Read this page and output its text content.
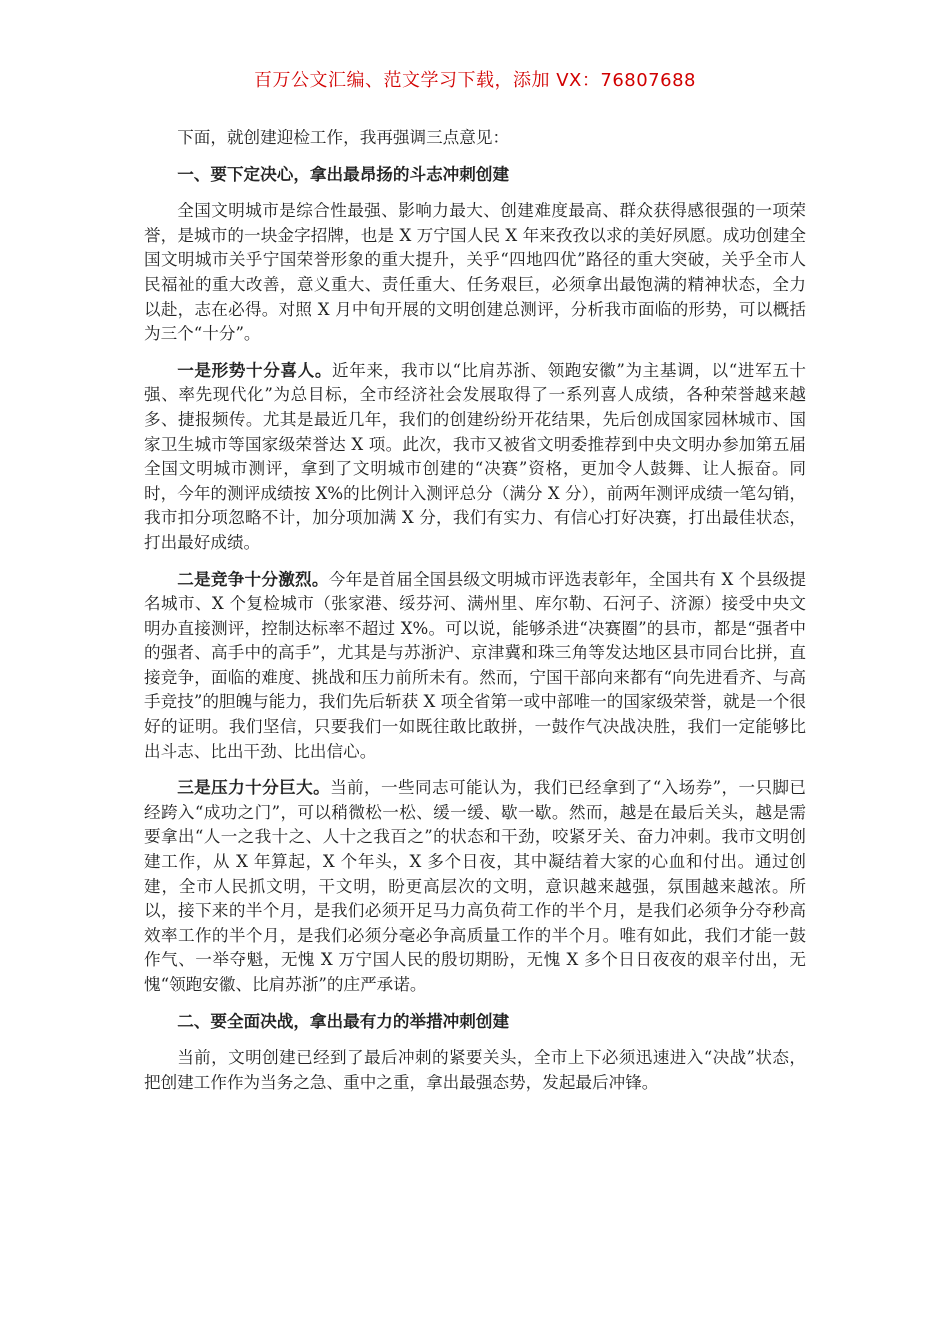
百万公文汇编、范文学习下载，添加 VX：76807688

下面，就创建迎检工作，我再强调三点意见：

一、要下定决心，拿出最昂扬的斗志冲刺创建

全国文明城市是综合性最强、影响力最大、创建难度最高、群众获得感很强的一项荣誉，是城市的一块金字招牌，也是 X 万宁国人民 X 年来孜孜以求的美好夙愿。成功创建全国文明城市关乎宁国荣誉形象的重大提升，关乎“四地四优”路径的重大突破，关乎全市人民福祉的重大改善，意义重大、责任重大、任务艰巨，必须拿出最饱满的精神状态，全力以赴，志在必得。对照 X 月中旬开展的文明创建总测评，分析我市面临的形势，可以概括为三个“十分”。

一是形势十分喜人。近年来，我市以“比肩苏浙、领跑安徽”为主基调，以“进军五十强、率先现代化”为总目标，全市经济社会发展取得了一系列喜人成绩，各种荣誉越来越多、捷报频传。尤其是最近几年，我们的创建纷纷开花结果，先后创成国家园林城市、国家卫生城市等国家级荣誉达 X 项。此次，我市又被省文明委推荐到中央文明办参加第五届全国文明城市测评，拿到了文明城市创建的“决赛”资格，更加令人鼓舞、让人振奋。同时，今年的测评成绩按 X%的比例计入测评总分（满分 X 分），前两年测评成绩一笔勾销，我市扣分项忽略不计，加分项加满 X 分，我们有实力、有信心打好决赛，打出最佳状态，打出最好成绩。

二是竞争十分激烈。今年是首届全国县级文明城市评选表彰年，全国共有 X 个县级提名城市、X 个复检城市（张家港、绥芬河、满州里、库尔勒、石河子、济源）接受中央文明办直接测评，控制达标率不超过 X%。可以说，能够杀进“决赛圈”的县市，都是“强者中的强者、高手中的高手”，尤其是与苏浙沪、京津冀和珠三角等发达地区县市同台比拼，直接竞争，面临的难度、挑战和压力前所未有。然而，宁国干部向来都有“向先进看齐、与高手竞技”的胆魄与能力，我们先后斩获 X 项全省第一或中部唯一的国家级荣誉，就是一个很好的证明。我们坚信，只要我们一如既往敢比敢拼，一鼓作气决战决胜，我们一定能够比出斗志、比出干劲、比出信心。

三是压力十分巨大。当前，一些同志可能认为，我们已经拿到了“入场券”，一只脚已经跨入“成功之门”，可以稍微松一松、缓一缓、歇一歇。然而，越是在最后关头，越是需要拿出“人一之我十之、人十之我百之”的状态和干劲，咬紧牙关、奋力冲刺。我市文明创建工作，从 X 年算起，X 个年头，X 多个日夜，其中凝结着大家的心血和付出。通过创建，全市人民抓文明，干文明，盼更高层次的文明，意识越来越强，氛围越来越浓。所以，接下来的半个月，是我们必须开足马力高负荷工作的半个月，是我们必须争分夺秒高效率工作的半个月，是我们必须分毫必争高质量工作的半个月。唯有如此，我们才能一鼓作气、一举夺魁，无愧 X 万宁国人民的殷切期盼，无愧 X 多个日日夜夜的艰辛付出，无愧“领跑安徽、比肩苏浙”的庄严承诺。

二、要全面决战，拿出最有力的举措冲刺创建

当前，文明创建已经到了最后冲刺的紧要关头，全市上下必须迅速进入“决战”状态，把创建工作作为当务之急、重中之重，拿出最强态势，发起最后冲锋。
